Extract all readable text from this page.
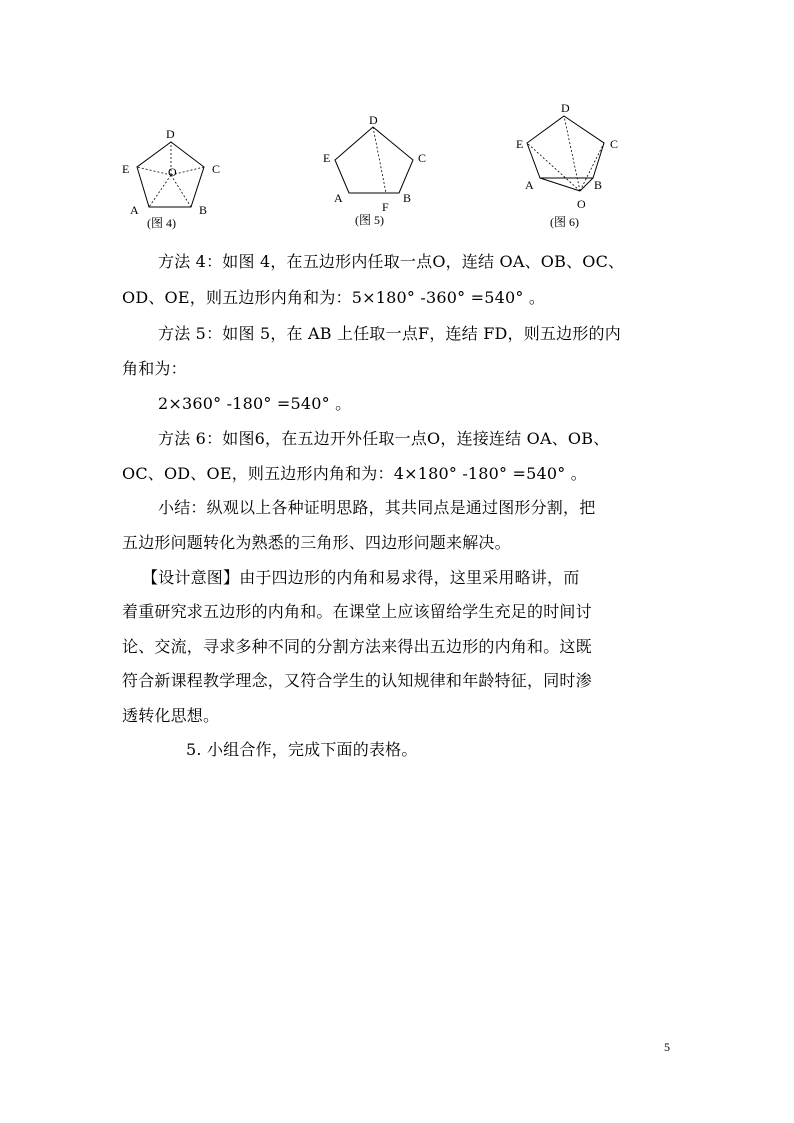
D
E	C
O
A	B
(图 4)
D
E	C
A	B
F
(图 5)
D
E	C
A	B
O
(图 6)
方法 4：如图 4，在五边形内任取一点O，连结 OA、OB、OC、
OD、OE，则五边形内角和为：5×180° -360° =540° 。
方法 5：如图 5，在 AB 上任取一点F，连结 FD，则五边形的内
角和为：
2×360° -180° =540° 。
方法 6：如图6，在五边开外任取一点O，连接连结 OA、OB、
OC、OD、OE，则五边形内角和为：4×180° -180° =540° 。
小结：纵观以上各种证明思路，其共同点是通过图形分割，把
五边形问题转化为熟悉的三角形、四边形问题来解决。
【设计意图】由于四边形的内角和易求得，这里采用略讲，而
着重研究求五边形的内角和。在课堂上应该留给学生充足的时间讨
论、交流，寻求多种不同的分割方法来得出五边形的内角和。这既
符合新课程教学理念，又符合学生的认知规律和年龄特征，同时渗
透转化思想。
5. 小组合作，完成下面的表格。
5
